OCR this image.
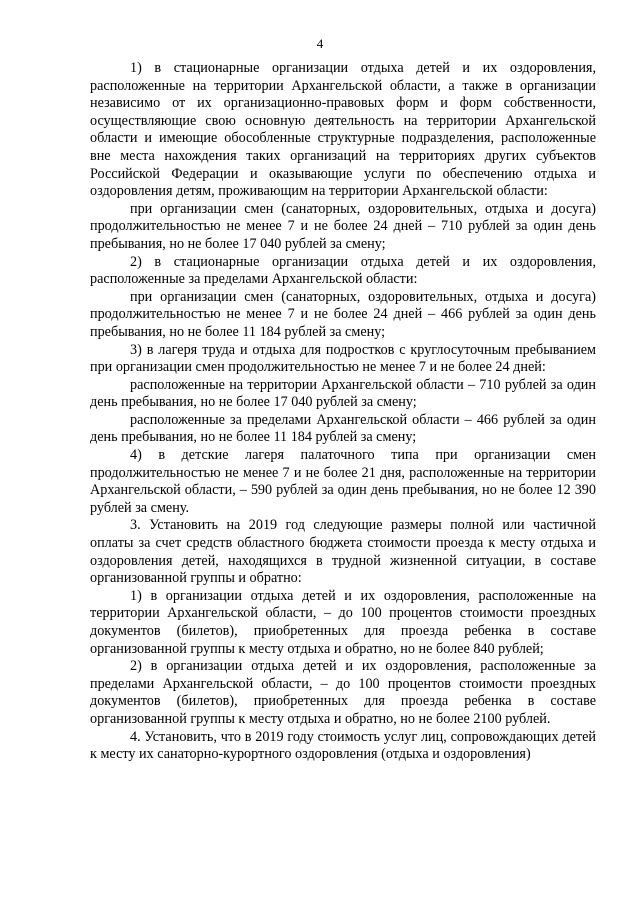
4

1) в стационарные организации отдыха детей и их оздоровления, расположенные на территории Архангельской области, а также в организации независимо от их организационно-правовых форм и форм собственности, осуществляющие свою основную деятельность на территории Архангельской области и имеющие обособленные структурные подразделения, расположенные вне места нахождения таких организаций на территориях других субъектов Российской Федерации и оказывающие услуги по обеспечению отдыха и оздоровления детям, проживающим на территории Архангельской области:

при организации смен (санаторных, оздоровительных, отдыха и досуга) продолжительностью не менее 7 и не более 24 дней – 710 рублей за один день пребывания, но не более 17 040 рублей за смену;

2) в стационарные организации отдыха детей и их оздоровления, расположенные за пределами Архангельской области:

при организации смен (санаторных, оздоровительных, отдыха и досуга) продолжительностью не менее 7 и не более 24 дней – 466 рублей за один день пребывания, но не более 11 184 рублей за смену;

3) в лагеря труда и отдыха для подростков с круглосуточным пребыванием при организации смен продолжительностью не менее 7 и не более 24 дней:

расположенные на территории Архангельской области – 710 рублей за один день пребывания, но не более 17 040 рублей за смену;

расположенные за пределами Архангельской области – 466 рублей за один день пребывания, но не более 11 184 рублей за смену;

4) в детские лагеря палаточного типа при организации смен продолжительностью не менее 7 и не более 21 дня, расположенные на территории Архангельской области, – 590 рублей за один день пребывания, но не более 12 390 рублей за смену.

3. Установить на 2019 год следующие размеры полной или частичной оплаты за счет средств областного бюджета стоимости проезда к месту отдыха и оздоровления детей, находящихся в трудной жизненной ситуации, в составе организованной группы и обратно:

1) в организации отдыха детей и их оздоровления, расположенные на территории Архангельской области, – до 100 процентов стоимости проездных документов (билетов), приобретенных для проезда ребенка в составе организованной группы к месту отдыха и обратно, но не более 840 рублей;

2) в организации отдыха детей и их оздоровления, расположенные за пределами Архангельской области, – до 100 процентов стоимости проездных документов (билетов), приобретенных для проезда ребенка в составе организованной группы к месту отдыха и обратно, но не более 2100 рублей.

4. Установить, что в 2019 году стоимость услуг лиц, сопровождающих детей к месту их санаторно-курортного оздоровления (отдыха и оздоровления)
